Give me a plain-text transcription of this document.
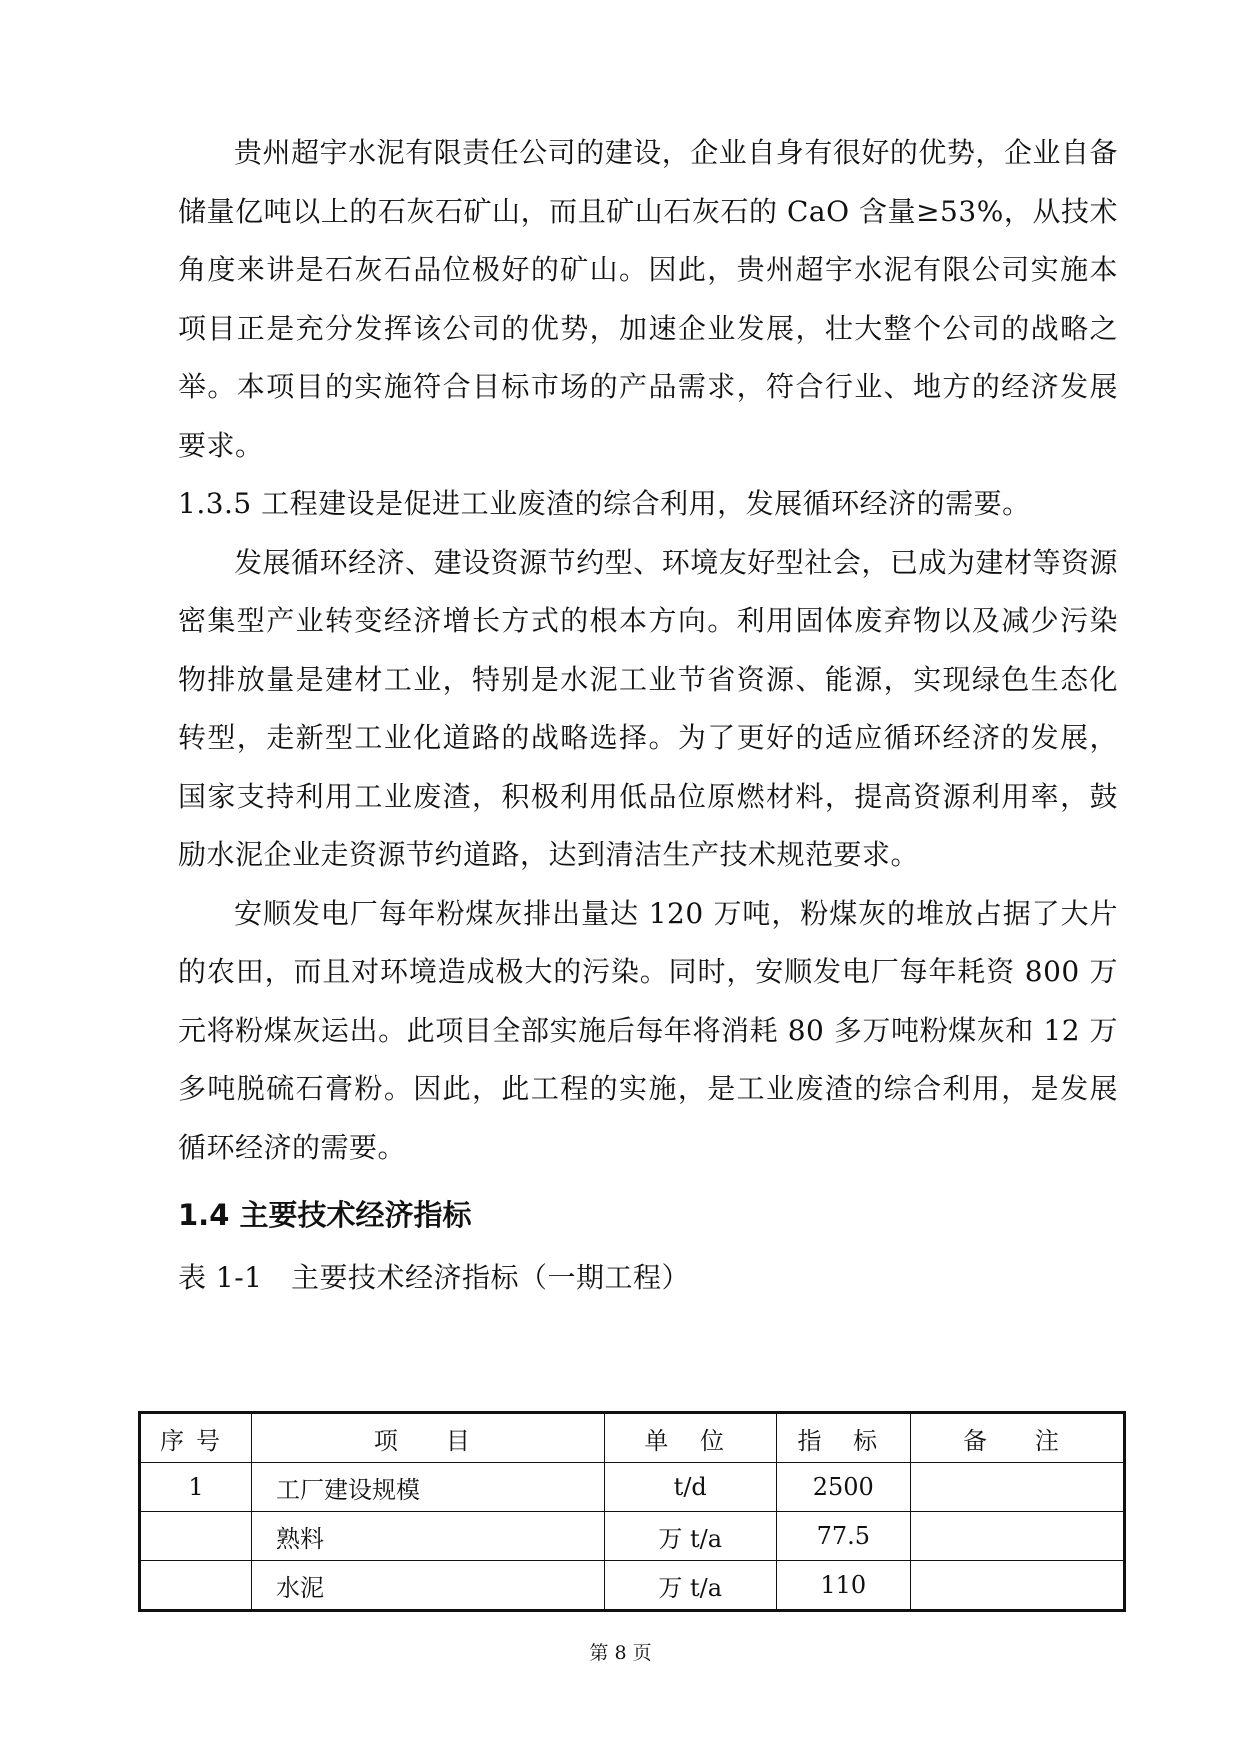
贵州超宇水泥有限责任公司的建设，企业自身有很好的优势，企业自备储量亿吨以上的石灰石矿山，而且矿山石灰石的 CaO 含量≥53%，从技术角度来讲是石灰石品位极好的矿山。因此，贵州超宇水泥有限公司实施本项目正是充分发挥该公司的优势，加速企业发展，壮大整个公司的战略之举。本项目的实施符合目标市场的产品需求，符合行业、地方的经济发展要求。

1.3.5 工程建设是促进工业废渣的综合利用，发展循环经济的需要。

发展循环经济、建设资源节约型、环境友好型社会，已成为建材等资源密集型产业转变经济增长方式的根本方向。利用固体废弃物以及减少污染物排放量是建材工业，特别是水泥工业节省资源、能源，实现绿色生态化转型，走新型工业化道路的战略选择。为了更好的适应循环经济的发展，国家支持利用工业废渣，积极利用低品位原燃材料，提高资源利用率，鼓励水泥企业走资源节约道路，达到清洁生产技术规范要求。

安顺发电厂每年粉煤灰排出量达 120 万吨，粉煤灰的堆放占据了大片的农田，而且对环境造成极大的污染。同时，安顺发电厂每年耗资 800 万元将粉煤灰运出。此项目全部实施后每年将消耗 80 多万吨粉煤灰和 12 万多吨脱硫石膏粉。因此，此工程的实施，是工业废渣的综合利用，是发展循环经济的需要。

1.4 主要技术经济指标

表 1-1　主要技术经济指标（一期工程）

序号	项　目	单 位	指 标	备　注
1	工厂建设规模	t/d	2500	
	熟料	万 t/a	77.5	
	水泥	万 t/a	110	
第 8 页
